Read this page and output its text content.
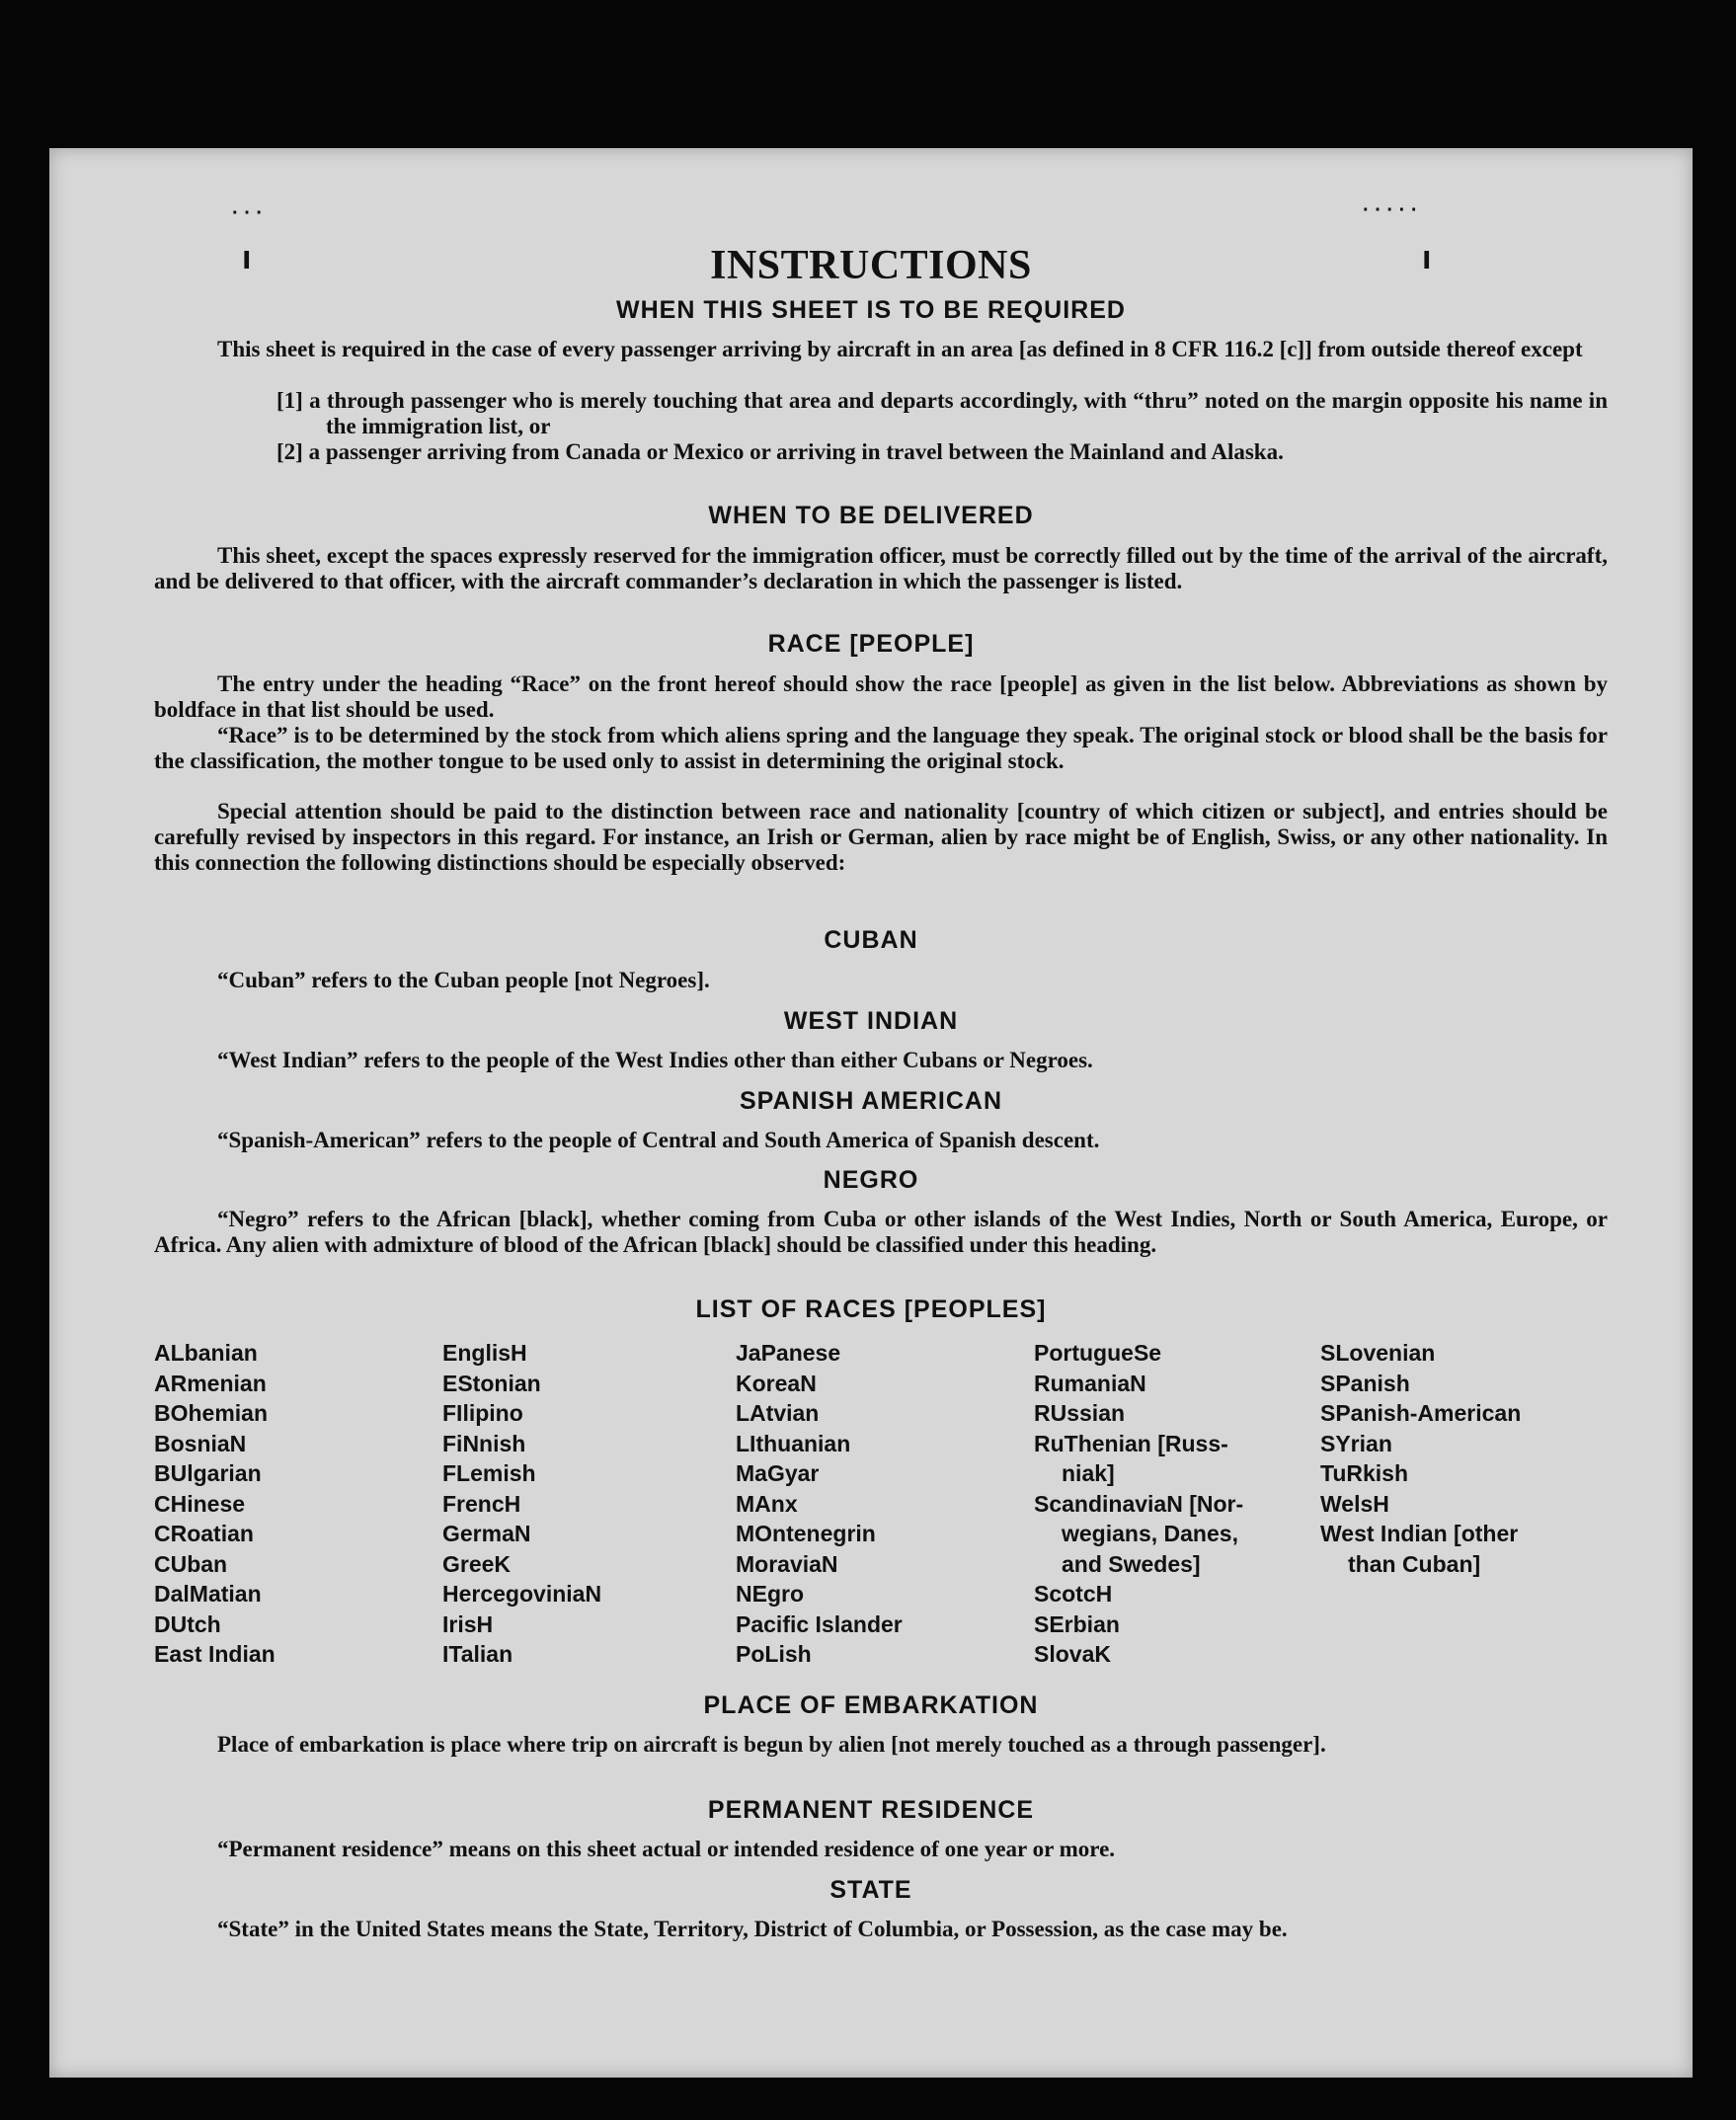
· · ·	· · · · ·
ı	ı
INSTRUCTIONS
WHEN THIS SHEET IS TO BE REQUIRED
This sheet is required in the case of every passenger arriving by aircraft in an area [as defined in 8 CFR 116.2 [c]] from outside thereof except
[1] a through passenger who is merely touching that area and departs accordingly, with “thru” noted on the margin opposite his name in the immigration list, or
[2] a passenger arriving from Canada or Mexico or arriving in travel between the Mainland and Alaska.
WHEN TO BE DELIVERED
This sheet, except the spaces expressly reserved for the immigration officer, must be correctly filled out by the time of the arrival of the aircraft, and be delivered to that officer, with the aircraft commander’s declaration in which the passenger is listed.
RACE [PEOPLE]
The entry under the heading “Race” on the front hereof should show the race [people] as given in the list below. Abbreviations as shown by boldface in that list should be used.
“Race” is to be determined by the stock from which aliens spring and the language they speak. The original stock or blood shall be the basis for the classification, the mother tongue to be used only to assist in determining the original stock.
Special attention should be paid to the distinction between race and nationality [country of which citizen or subject], and entries should be carefully revised by inspectors in this regard. For instance, an Irish or German, alien by race might be of English, Swiss, or any other nationality. In this connection the following distinctions should be especially observed:
CUBAN
“Cuban” refers to the Cuban people [not Negroes].
WEST INDIAN
“West Indian” refers to the people of the West Indies other than either Cubans or Negroes.
SPANISH AMERICAN
“Spanish-American” refers to the people of Central and South America of Spanish descent.
NEGRO
“Negro” refers to the African [black], whether coming from Cuba or other islands of the West Indies, North or South America, Europe, or Africa. Any alien with admixture of blood of the African [black] should be classified under this heading.
LIST OF RACES [PEOPLES]
ALbanian
ARmenian
BOhemian
BosniaN
BUlgarian
CHinese
CRoatian
CUban
DalMatian
DUtch
East Indian
EnglisH
EStonian
FIlipino
FiNnish
FLemish
FrencH
GermaN
GreeK
HercegoviniaN
IrisH
ITalian
JaPanese
KoreaN
LAtvian
LIthuanian
MaGyar
MAnx
MOntenegrin
MoraviaN
NEgro
Pacific Islander
PoLish
PortugueSe
RumaniaN
RUssian
RuThenian [Russ-
niak]
ScandinaviaN [Nor-
wegians, Danes,
and Swedes]
ScotcH
SErbian
SlovaK
SLovenian
SPanish
SPanish-American
SYrian
TuRkish
WelsH
West Indian [other
than Cuban]
PLACE OF EMBARKATION
Place of embarkation is place where trip on aircraft is begun by alien [not merely touched as a through passenger].
PERMANENT RESIDENCE
“Permanent residence” means on this sheet actual or intended residence of one year or more.
STATE
“State” in the United States means the State, Territory, District of Columbia, or Possession, as the case may be.
